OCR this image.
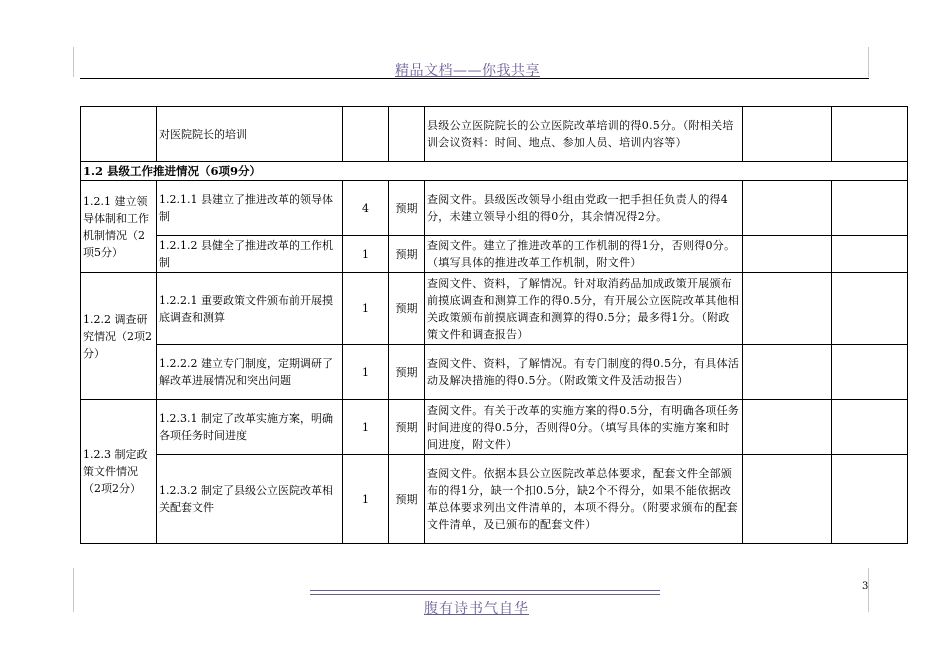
精品文档——你我共享
	对医院院长的培训			县级公立医院院长的公立医院改革培训的得0.5分。（附相关培训会议资料：时间、地点、参加人员、培训内容等）		
1.2 县级工作推进情况（6项9分）						
1.2.1 建立领导体制和工作机制情况（2项5分）	1.2.1.1 县建立了推进改革的领导体制	4	预期	查阅文件。县级医改领导小组由党政一把手担任负责人的得4分，未建立领导小组的得0分，其余情况得2分。		
	1.2.1.2 县健全了推进改革的工作机制	1	预期	查阅文件。建立了推进改革的工作机制的得1分，否则得0分。（填写具体的推进改革工作机制，附文件）		
1.2.2 调查研究情况（2项2分）	1.2.2.1 重要政策文件颁布前开展摸底调查和测算	1	预期	查阅文件、资料，了解情况。针对取消药品加成政策开展颁布前摸底调查和测算工作的得0.5分，有开展公立医院改革其他相关政策颁布前摸底调查和测算的得0.5分；最多得1分。（附政策文件和调查报告）		
	1.2.2.2 建立专门制度，定期调研了解改革进展情况和突出问题	1	预期	查阅文件、资料，了解情况。有专门制度的得0.5分，有具体活动及解决措施的得0.5分。（附政策文件及活动报告）		
1.2.3 制定政策文件情况（2项2分）	1.2.3.1 制定了改革实施方案，明确各项任务时间进度	1	预期	查阅文件。有关于改革的实施方案的得0.5分，有明确各项任务时间进度的得0.5分，否则得0分。（填写具体的实施方案和时间进度，附文件）		
	1.2.3.2 制定了县级公立医院改革相关配套文件	1	预期	查阅文件。依据本县公立医院改革总体要求，配套文件全部颁布的得1分，缺一个扣0.5分，缺2个不得分，如果不能依据改革总体要求列出文件清单的，本项不得分。（附要求颁布的配套文件清单，及已颁布的配套文件）		
3
腹有诗书气自华
